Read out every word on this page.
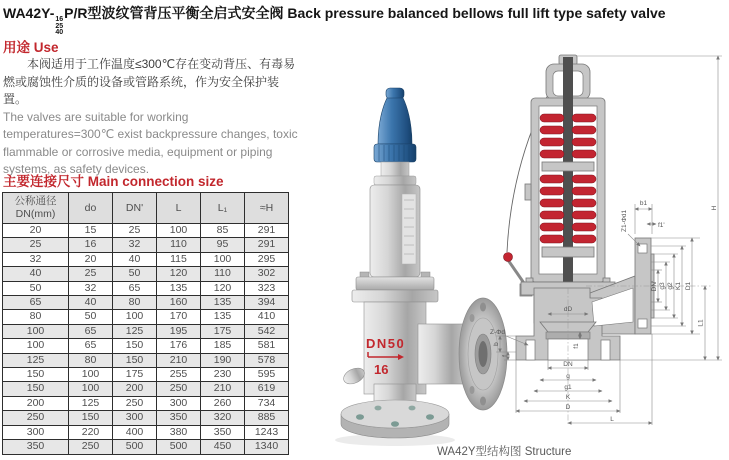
WA42Y- 16
25
40
P/R型波纹管背压平衡全启式安全阀 Back pressure balanced bellows full lift type safety valve
用途 Use

本阀适用于工作温度≤300℃存在变动背压、有毒易燃或腐蚀性介质的设备或管路系统，作为安全保护装置。

The valves are suitable for working temperatures=300℃ exist backpressure changes, toxic flammable or corrosive media, equipment or piping systems, as safety devices.

主要连接尺寸 Main connection size
公称通径
DN(mm)	do	DN'	L	L₁	≈H
20	15	25	100	85	291
25	16	32	110	95	291
32	20	40	115	100	295
40	25	50	120	110	302
50	32	65	135	120	323
65	40	80	160	135	394
80	50	100	170	135	410
100	65	125	195	175	542
100	65	150	176	185	581
125	80	150	210	190	578
150	100	175	255	230	595
150	100	200	250	210	619
200	125	250	300	260	734
250	150	300	350	320	885
300	220	400	380	350	1243
350	250	500	500	450	1340
DN50
16
H
L1
DN' g3 g2 K1 D1
b1
f1'
Z1-Φd1
Z-Φd
b
f
dD
f1
DN
g
g1
K
D
L
WA42Y型结构图 Structure
